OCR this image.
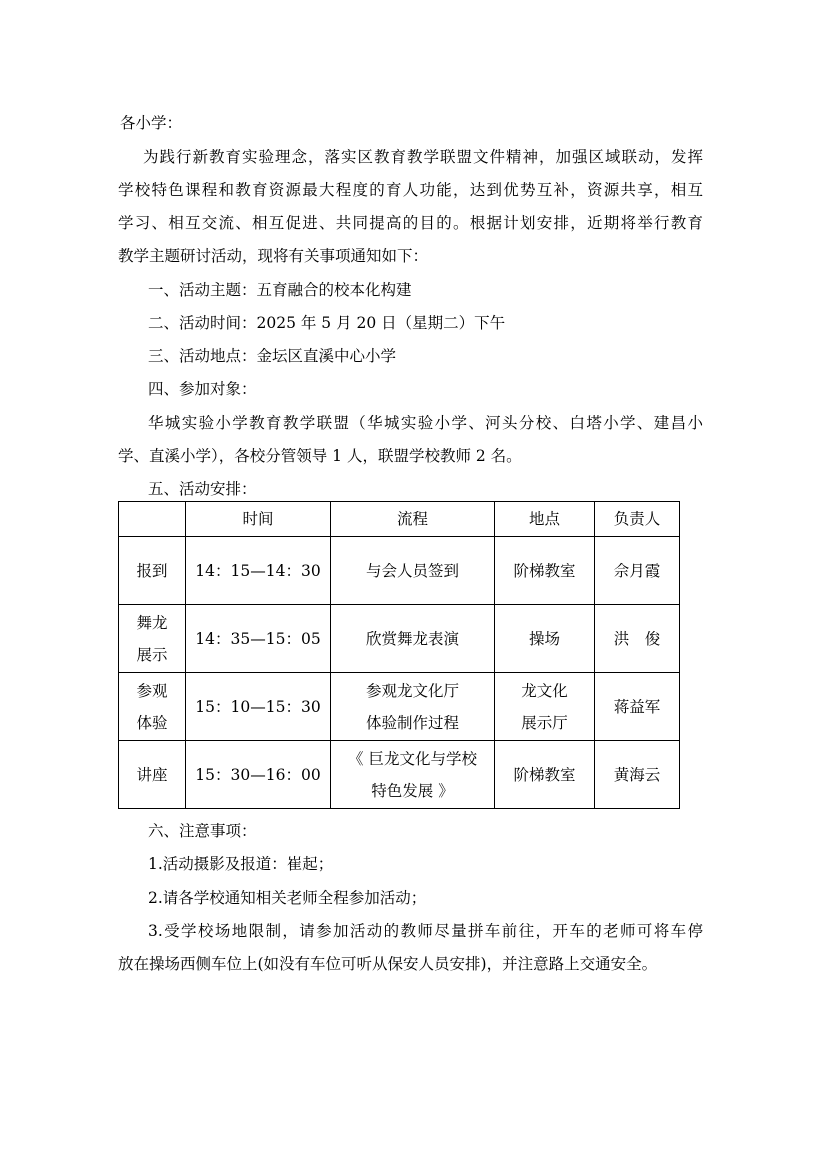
各小学：
为践行新教育实验理念，落实区教育教学联盟文件精神，加强区域联动，发挥
学校特色课程和教育资源最大程度的育人功能，达到优势互补，资源共享，相互
学习、相互交流、相互促进、共同提高的目的。根据计划安排，近期将举行教育
教学主题研讨活动，现将有关事项通知如下：
一、活动主题：五育融合的校本化构建
二、活动时间：2025 年 5 月 20 日（星期二）下午
三、活动地点：金坛区直溪中心小学
四、参加对象：
华城实验小学教育教学联盟（华城实验小学、河头分校、白塔小学、建昌小
学、直溪小学），各校分管领导 1 人，联盟学校教师 2 名。
五、活动安排：

	时间	流程	地点	负责人

报到	14：15—14：30	与会人员签到	阶梯教室	佘月霞

舞龙
展示	14：35—15：05	欣赏舞龙表演	操场	洪　俊

参观
体验	15：10—15：30	参观龙文化厅
体验制作过程	龙文化
展示厅	蒋益军

讲座	15：30—16：00	《 巨龙文化与学校
特色发展 》	阶梯教室	黄海云
六、注意事项：
1.活动摄影及报道：崔起；
2.请各学校通知相关老师全程参加活动；
3.受学校场地限制，请参加活动的教师尽量拼车前往，开车的老师可将车停
放在操场西侧车位上(如没有车位可听从保安人员安排)，并注意路上交通安全。
